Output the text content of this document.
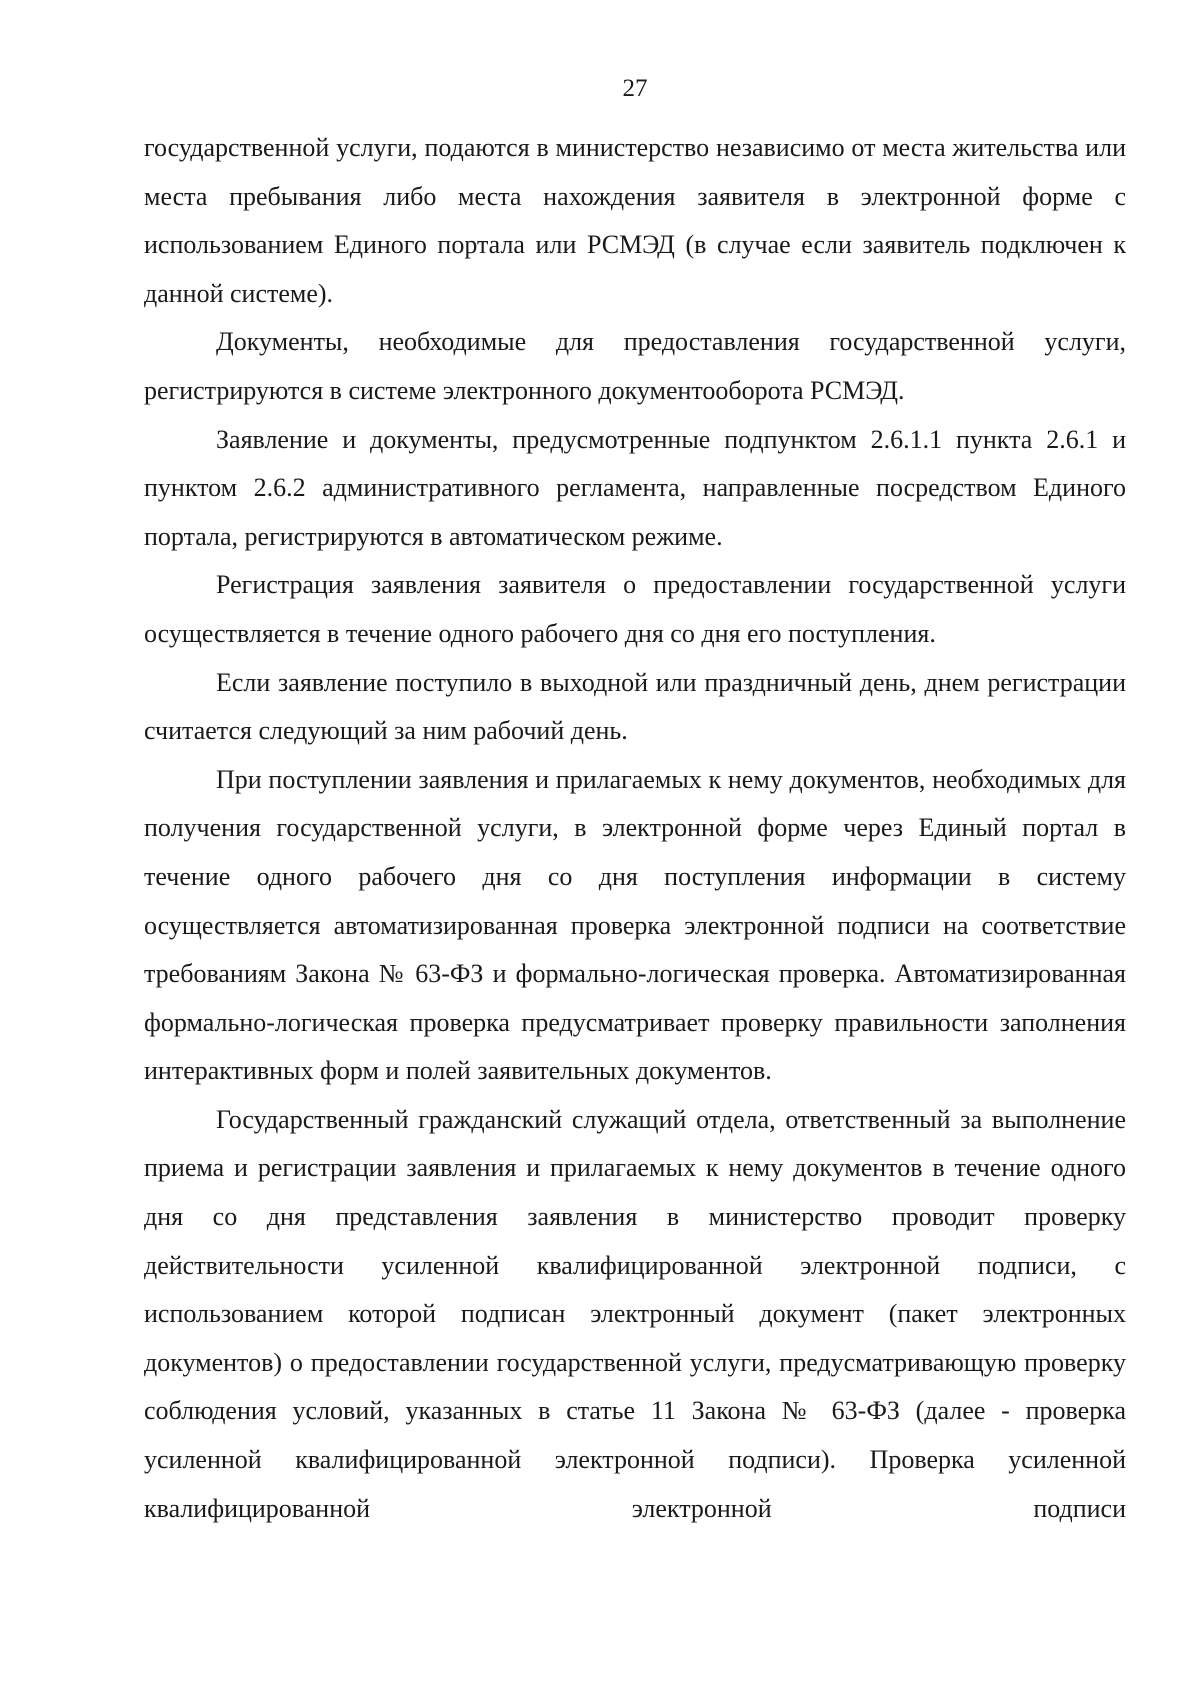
27

государственной услуги, подаются в министерство независимо от места жительства или места пребывания либо места нахождения заявителя в электронной форме с использованием Единого портала или РСМЭД (в случае если заявитель подключен к данной системе).

Документы, необходимые для предоставления государственной услуги, регистрируются в системе электронного документооборота РСМЭД.

Заявление и документы, предусмотренные подпунктом 2.6.1.1 пункта 2.6.1 и пунктом 2.6.2 административного регламента, направленные посредством Единого портала, регистрируются в автоматическом режиме.

Регистрация заявления заявителя о предоставлении государственной услуги осуществляется в течение одного рабочего дня со дня его поступления.

Если заявление поступило в выходной или праздничный день, днем регистрации считается следующий за ним рабочий день.

При поступлении заявления и прилагаемых к нему документов, необходимых для получения государственной услуги, в электронной форме через Единый портал в течение одного рабочего дня со дня поступления информации в систему осуществляется автоматизированная проверка электронной подписи на соответствие требованиям Закона № 63-ФЗ и формально-логическая проверка. Автоматизированная формально-логическая проверка предусматривает проверку правильности заполнения интерактивных форм и полей заявительных документов.

Государственный гражданский служащий отдела, ответственный за выполнение приема и регистрации заявления и прилагаемых к нему документов в течение одного дня со дня представления заявления в министерство проводит проверку действительности усиленной квалифицированной электронной подписи, с использованием которой подписан электронный документ (пакет электронных документов) о предоставлении государственной услуги, предусматривающую проверку соблюдения условий, указанных в статье 11 Закона № 63-ФЗ (далее - проверка усиленной квалифицированной электронной подписи). Проверка усиленной квалифицированной электронной подписи
